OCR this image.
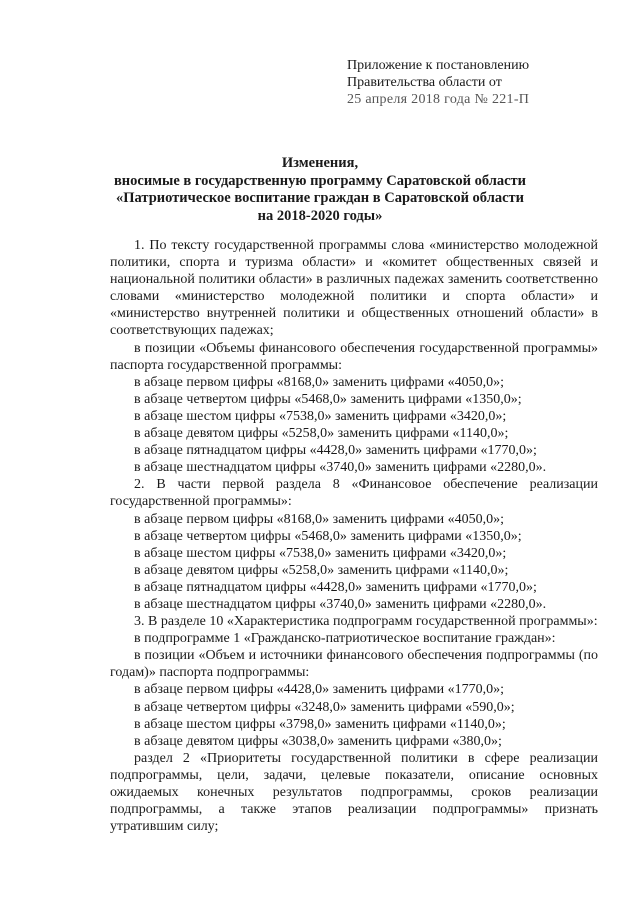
Приложение к постановлению
Правительства области от
25 апреля 2018 года № 221-П
Изменения,
вносимые в государственную программу Саратовской области
«Патриотическое воспитание граждан в Саратовской области
на 2018-2020 годы»

1. По тексту государственной программы слова «министерство молодежной политики, спорта и туризма области» и «комитет общественных связей и национальной политики области» в различных падежах заменить соответственно словами «министерство молодежной политики и спорта области» и «министерство внутренней политики и общественных отношений области» в соответствующих падежах;

в позиции «Объемы финансового обеспечения государственной программы» паспорта государственной программы:

в абзаце первом цифры «8168,0» заменить цифрами «4050,0»;

в абзаце четвертом цифры «5468,0» заменить цифрами «1350,0»;

в абзаце шестом цифры «7538,0» заменить цифрами «3420,0»;

в абзаце девятом цифры «5258,0» заменить цифрами «1140,0»;

в абзаце пятнадцатом цифры «4428,0» заменить цифрами «1770,0»;

в абзаце шестнадцатом цифры «3740,0» заменить цифрами «2280,0».

2. В части первой раздела 8 «Финансовое обеспечение реализации государственной программы»:

в абзаце первом цифры «8168,0» заменить цифрами «4050,0»;

в абзаце четвертом цифры «5468,0» заменить цифрами «1350,0»;

в абзаце шестом цифры «7538,0» заменить цифрами «3420,0»;

в абзаце девятом цифры «5258,0» заменить цифрами «1140,0»;

в абзаце пятнадцатом цифры «4428,0» заменить цифрами «1770,0»;

в абзаце шестнадцатом цифры «3740,0» заменить цифрами «2280,0».

3. В разделе 10 «Характеристика подпрограмм государственной программы»:

в подпрограмме 1 «Гражданско-патриотическое воспитание граждан»:

в позиции «Объем и источники финансового обеспечения подпрограммы (по годам)» паспорта подпрограммы:

в абзаце первом цифры «4428,0» заменить цифрами «1770,0»;

в абзаце четвертом цифры «3248,0» заменить цифрами «590,0»;

в абзаце шестом цифры «3798,0» заменить цифрами «1140,0»;

в абзаце девятом цифры «3038,0» заменить цифрами «380,0»;

раздел 2 «Приоритеты государственной политики в сфере реализации подпрограммы, цели, задачи, целевые показатели, описание основных ожидаемых конечных результатов подпрограммы, сроков реализации подпрограммы, а также этапов реализации подпрограммы» признать утратившим силу;
